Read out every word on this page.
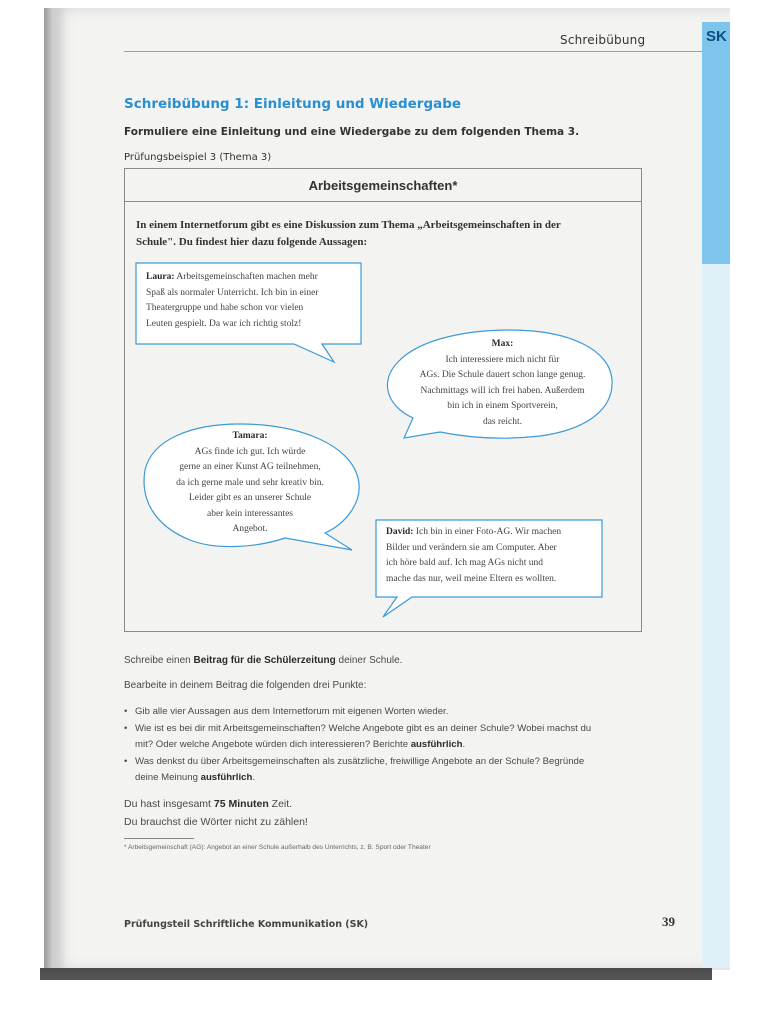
SK
Schreibübung
Schreibübung 1: Einleitung und Wiedergabe
Formuliere eine Einleitung und eine Wiedergabe zu dem folgenden Thema 3.
Prüfungsbeispiel 3 (Thema 3)
Arbeitsgemeinschaften*
In einem Internetforum gibt es eine Diskussion zum Thema „Arbeitsgemeinschaften in der
Schule". Du findest hier dazu folgende Aussagen:
Laura: Arbeitsgemeinschaften machen mehr
Spaß als normaler Unterricht. Ich bin in einer
Theatergruppe und habe schon vor vielen
Leuten gespielt. Da war ich richtig stolz!
Max:
Ich interessiere mich nicht für
AGs. Die Schule dauert schon lange genug.
Nachmittags will ich frei haben. Außerdem
bin ich in einem Sportverein,
das reicht.
Tamara:
AGs finde ich gut. Ich würde
gerne an einer Kunst AG teilnehmen,
da ich gerne male und sehr kreativ bin.
Leider gibt es an unserer Schule
aber kein interessantes
Angebot.	David: Ich bin in einer Foto-AG. Wir machen
Bilder und verändern sie am Computer. Aber
ich höre bald auf. Ich mag AGs nicht und
mache das nur, weil meine Eltern es wollten.
Schreibe einen Beitrag für die Schülerzeitung deiner Schule.
Bearbeite in deinem Beitrag die folgenden drei Punkte:
• Gib alle vier Aussagen aus dem Internetforum mit eigenen Worten wieder.
• Wie ist es bei dir mit Arbeitsgemeinschaften? Welche Angebote gibt es an deiner Schule? Wobei machst du
mit? Oder welche Angebote würden dich interessieren? Berichte ausführlich.
• Was denkst du über Arbeitsgemeinschaften als zusätzliche, freiwillige Angebote an der Schule? Begründe
deine Meinung ausführlich.
Du hast insgesamt 75 Minuten Zeit.
Du brauchst die Wörter nicht zu zählen!
* Arbeitsgemeinschaft (AG): Angebot an einer Schule außerhalb des Unterrichts, z. B. Sport oder Theater
Prüfungsteil Schriftliche Kommunikation (SK)	39
